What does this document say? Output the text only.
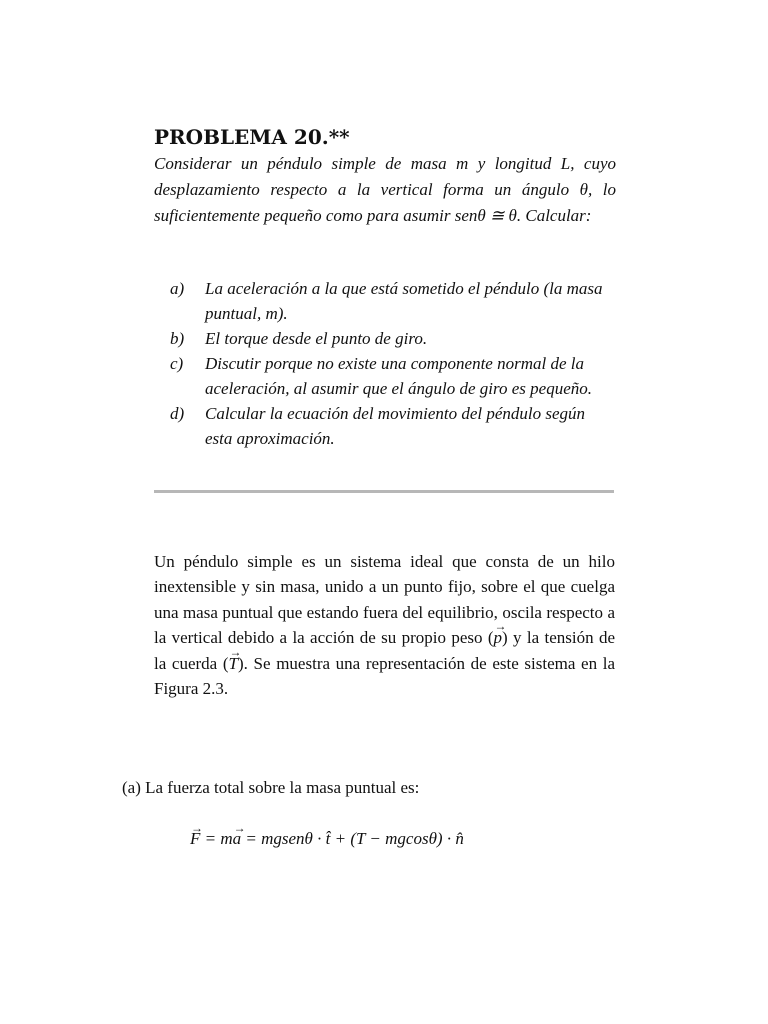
PROBLEMA 20.**

Considerar un péndulo simple de masa m y longitud L, cuyo desplazamiento respecto a la vertical forma un ángulo θ, lo suficientemente pequeño como para asumir senθ ≅ θ. Calcular:

a)	La aceleración a la que está sometido el péndulo (la masa puntual, m).
b)	El torque desde el punto de giro.
c)	Discutir porque no existe una componente normal de la aceleración, al asumir que el ángulo de giro es pequeño.
d)	Calcular la ecuación del movimiento del péndulo según esta aproximación.

Un péndulo simple es un sistema ideal que consta de un hilo inextensible y sin masa, unido a un punto fijo, sobre el que cuelga una masa puntual que estando fuera del equilibrio, oscila respecto a la vertical debido a la acción de su propio peso (→ p) y la tensión de la cuerda (→ T). Se muestra una representación de este sistema en la Figura 2.3.

(a) La fuerza total sobre la masa puntual es:

→ F = m→ a = mgsenθ · t̂ + (T − mgcosθ) · n̂
